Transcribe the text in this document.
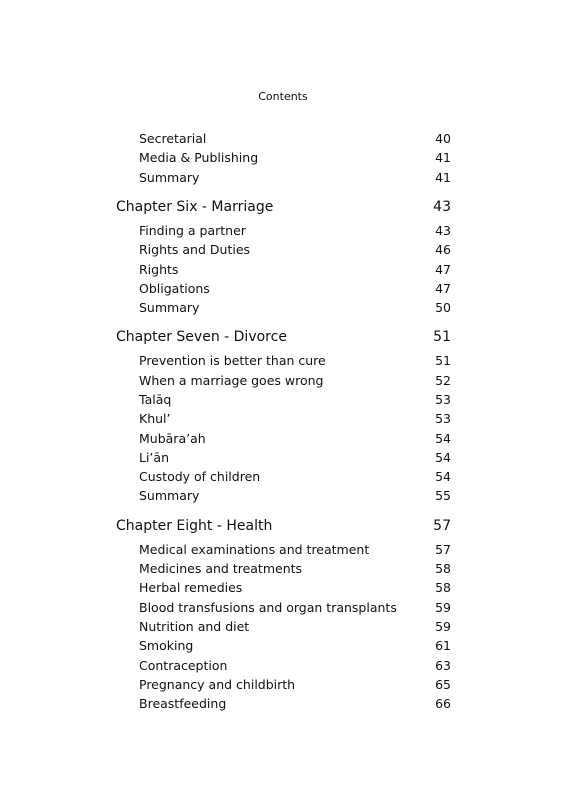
Contents
Secretarial	40
Media & Publishing	41
Summary	41
Chapter Six - Marriage	43
Finding a partner	43
Rights and Duties	46
Rights	47
Obligations	47
Summary	50
Chapter Seven - Divorce	51
Prevention is better than cure	51
When a marriage goes wrong	52
Talāq	53
Khul’	53
Mubāra’ah	54
Li’ān	54
Custody of children	54
Summary	55
Chapter Eight - Health	57
Medical examinations and treatment	57
Medicines and treatments	58
Herbal remedies	58
Blood transfusions and organ transplants	59
Nutrition and diet	59
Smoking	61
Contraception	63
Pregnancy and childbirth	65
Breastfeeding	66
